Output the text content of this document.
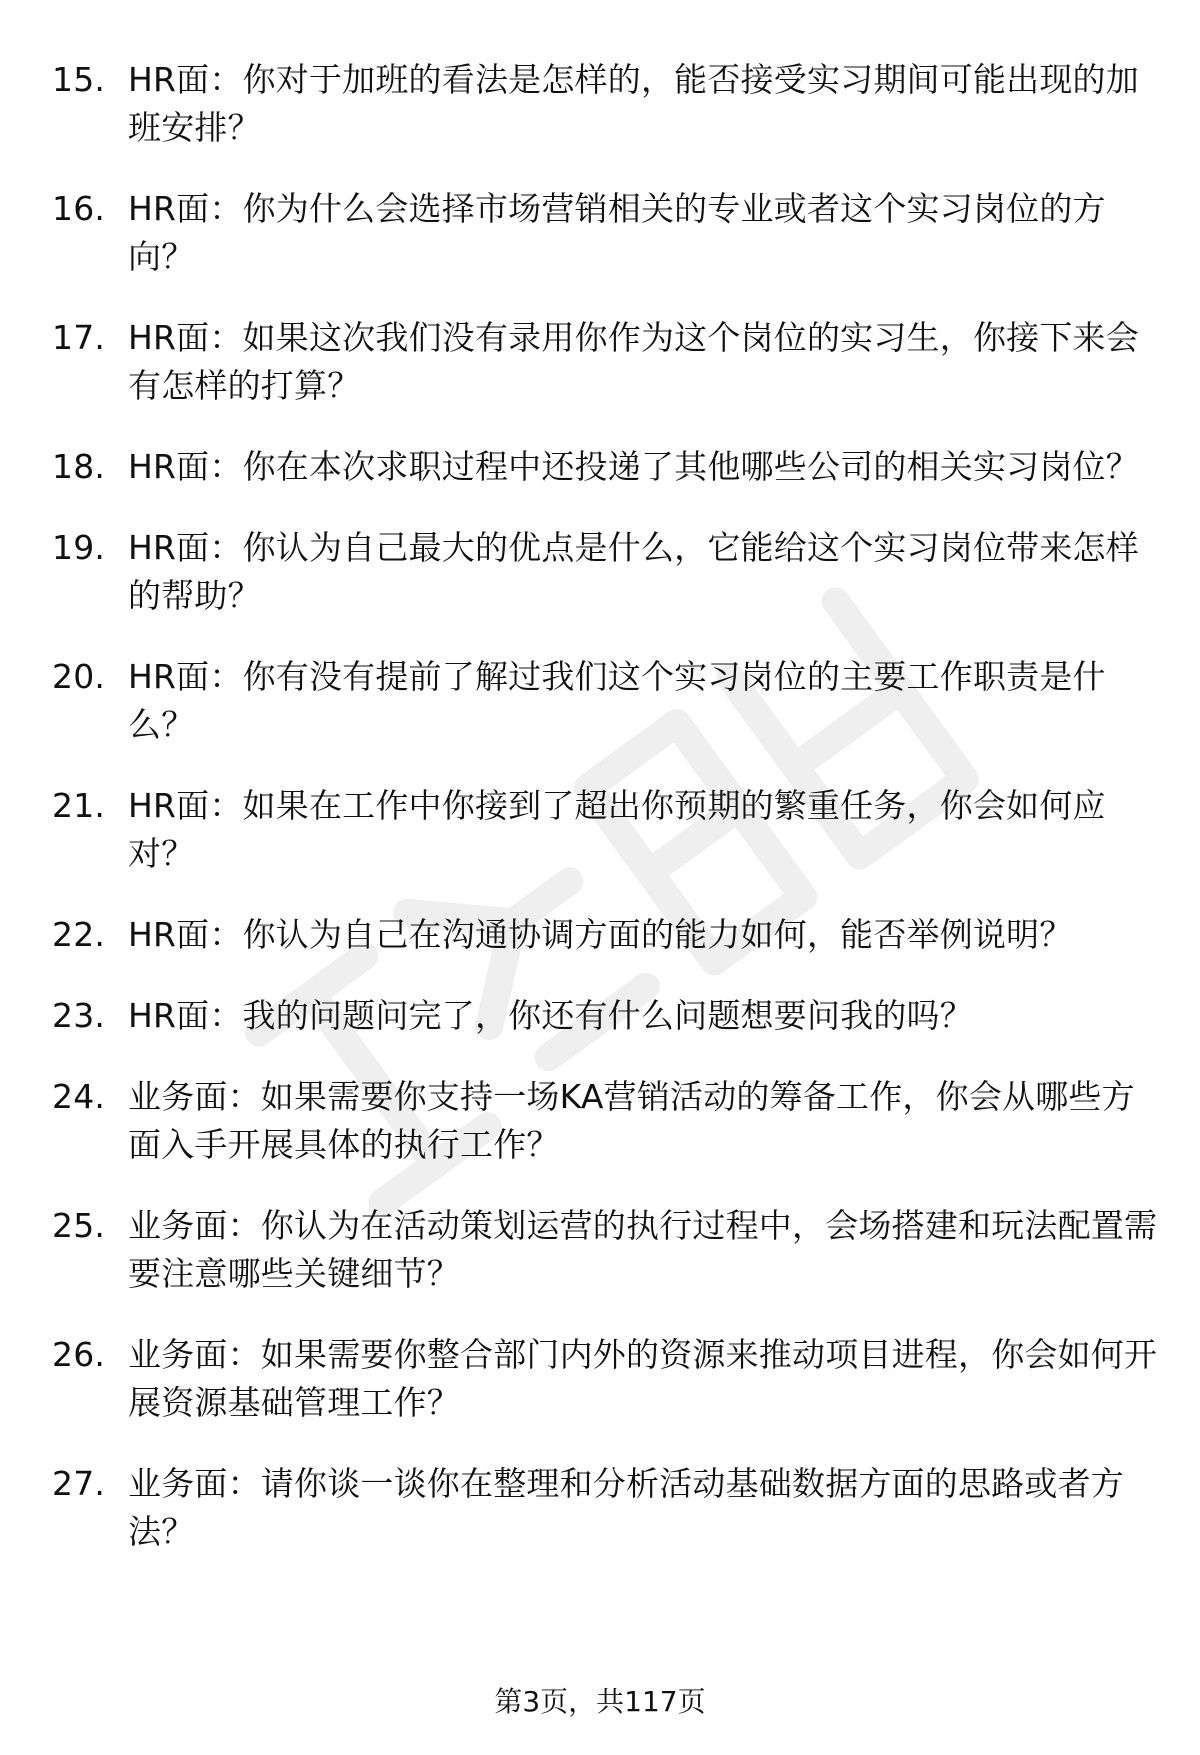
15. HR面：你对于加班的看法是怎样的，能否接受实习期间可能出现的加班安排？
16. HR面：你为什么会选择市场营销相关的专业或者这个实习岗位的方向？
17. HR面：如果这次我们没有录用你作为这个岗位的实习生，你接下来会有怎样的打算？
18. HR面：你在本次求职过程中还投递了其他哪些公司的相关实习岗位？
19. HR面：你认为自己最大的优点是什么，它能给这个实习岗位带来怎样的帮助？
20. HR面：你有没有提前了解过我们这个实习岗位的主要工作职责是什么？
21. HR面：如果在工作中你接到了超出你预期的繁重任务，你会如何应对？
22. HR面：你认为自己在沟通协调方面的能力如何，能否举例说明？
23. HR面：我的问题问完了，你还有什么问题想要问我的吗？
24. 业务面：如果需要你支持一场KA营销活动的筹备工作，你会从哪些方面入手开展具体的执行工作？
25. 业务面：你认为在活动策划运营的执行过程中，会场搭建和玩法配置需要注意哪些关键细节？
26. 业务面：如果需要你整合部门内外的资源来推动项目进程，你会如何开展资源基础管理工作？
27. 业务面：请你谈一谈你在整理和分析活动基础数据方面的思路或者方法？
第3页，共117页
